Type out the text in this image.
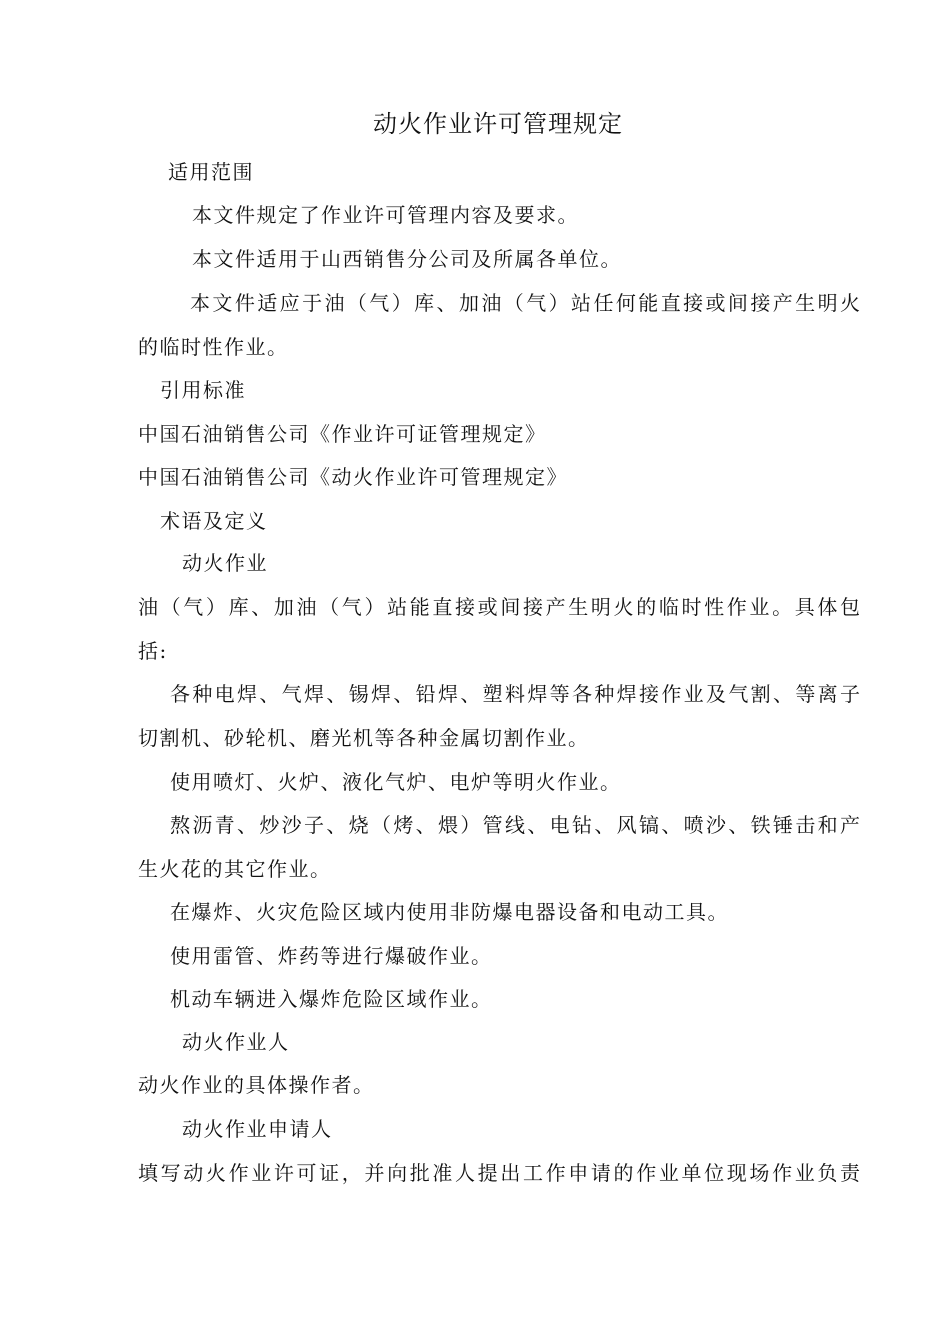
动火作业许可管理规定
适用范围
本文件规定了作业许可管理内容及要求。
本文件适用于山西销售分公司及所属各单位。
本文件适应于油（气）库、加油（气）站任何能直接或间接产生明火
的临时性作业。
引用标准
中国石油销售公司《作业许可证管理规定》
中国石油销售公司《动火作业许可管理规定》
术语及定义
动火作业
油（气）库、加油（气）站能直接或间接产生明火的临时性作业。具体包
括:
各种电焊、气焊、锡焊、铅焊、塑料焊等各种焊接作业及气割、等离子
切割机、砂轮机、磨光机等各种金属切割作业。
使用喷灯、火炉、液化气炉、电炉等明火作业。
熬沥青、炒沙子、烧（烤、煨）管线、电钻、风镐、喷沙、铁锤击和产
生火花的其它作业。
在爆炸、火灾危险区域内使用非防爆电器设备和电动工具。
使用雷管、炸药等进行爆破作业。
机动车辆进入爆炸危险区域作业。
动火作业人
动火作业的具体操作者。
动火作业申请人
填写动火作业许可证，并向批准人提出工作申请的作业单位现场作业负责
